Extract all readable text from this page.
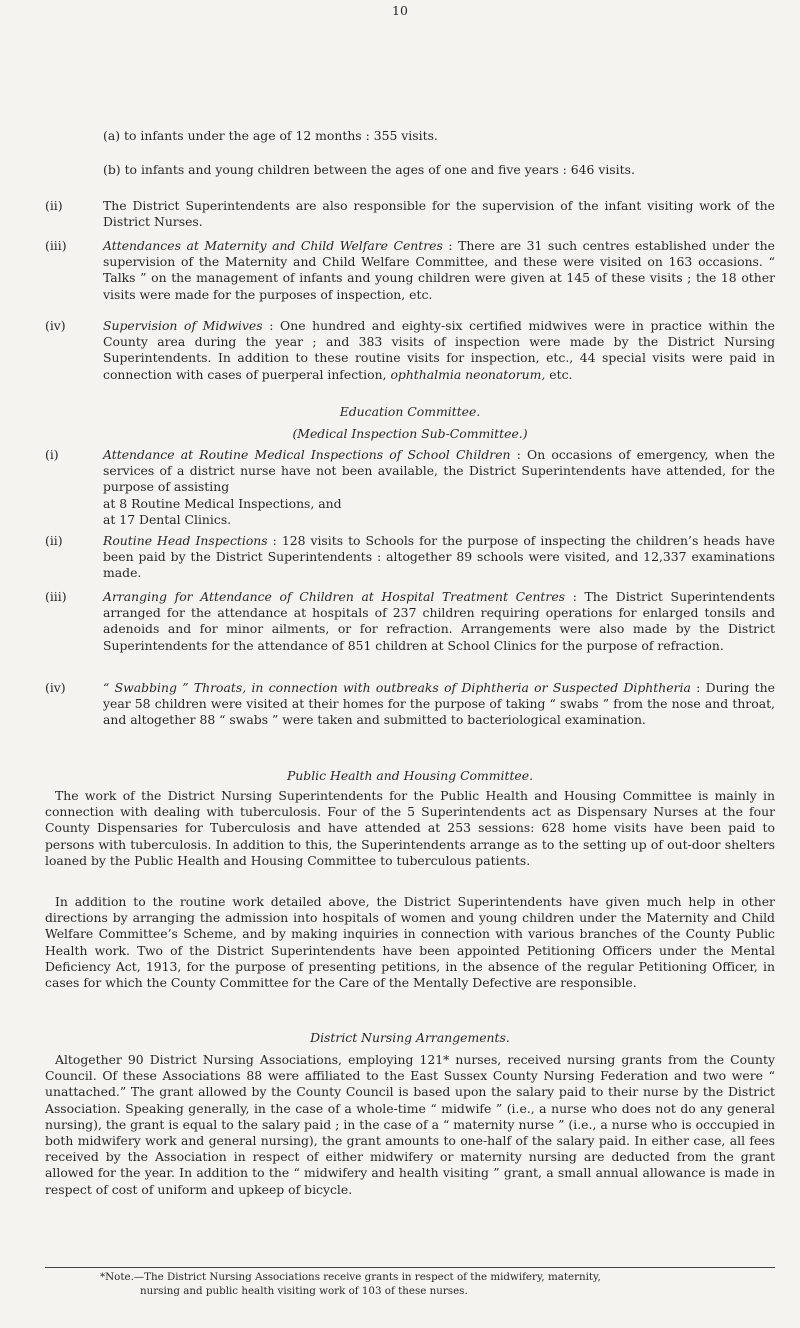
10
(a) to infants under the age of 12 months : 355 visits.
(b) to infants and young children between the ages of one and five years : 646 visits.
(ii)	The District Superintendents are also responsible for the supervision of the infant visiting work of the District Nurses.
(iii)	Attendances at Maternity and Child Welfare Centres : There are 31 such centres established under the supervision of the Maternity and Child Welfare Committee, and these were visited on 163 occasions. “ Talks ” on the management of infants and young children were given at 145 of these visits ; the 18 other visits were made for the purposes of inspection, etc.
(iv)	Supervision of Midwives : One hundred and eighty-six certified midwives were in practice within the County area during the year ; and 383 visits of inspection were made by the District Nursing Superintendents. In addition to these routine visits for inspection, etc., 44 special visits were paid in connection with cases of puerperal infection, ophthalmia neonatorum, etc.
Education Committee.
(Medical Inspection Sub-Committee.)
(i)	Attendance at Routine Medical Inspections of School Children : On occasions of emergency, when the services of a district nurse have not been available, the District Superintendents have attended, for the purpose of assisting
at 8 Routine Medical Inspections, and
at 17 Dental Clinics.
(ii)	Routine Head Inspections : 128 visits to Schools for the purpose of inspecting the children’s heads have been paid by the District Superintendents : altogether 89 schools were visited, and 12,337 examinations made.
(iii)	Arranging for Attendance of Children at Hospital Treatment Centres : The District Superintendents arranged for the attendance at hospitals of 237 children requiring operations for enlarged tonsils and adenoids and for minor ailments, or for refraction. Arrangements were also made by the District Superintendents for the attendance of 851 children at School Clinics for the purpose of refraction.
(iv)	“ Swabbing ” Throats, in connection with outbreaks of Diphtheria or Suspected Diphtheria : During the year 58 children were visited at their homes for the purpose of taking “ swabs ” from the nose and throat, and altogether 88 “ swabs ” were taken and submitted to bacteriological examination.
Public Health and Housing Committee.
The work of the District Nursing Superintendents for the Public Health and Housing Committee is mainly in connection with dealing with tuberculosis. Four of the 5 Superintendents act as Dispensary Nurses at the four County Dispensaries for Tuberculosis and have attended at 253 sessions: 628 home visits have been paid to persons with tuberculosis. In addition to this, the Superintendents arrange as to the setting up of out-door shelters loaned by the Public Health and Housing Committee to tuberculous patients.
In addition to the routine work detailed above, the District Superintendents have given much help in other directions by arranging the admission into hospitals of women and young children under the Maternity and Child Welfare Committee’s Scheme, and by making inquiries in connection with various branches of the County Public Health work. Two of the District Superintendents have been appointed Petitioning Officers under the Mental Deficiency Act, 1913, for the purpose of presenting petitions, in the absence of the regular Petitioning Officer, in cases for which the County Committee for the Care of the Mentally Defective are responsible.
District Nursing Arrangements.
Altogether 90 District Nursing Associations, employing 121* nurses, received nursing grants from the County Council. Of these Associations 88 were affiliated to the East Sussex County Nursing Federation and two were “ unattached.” The grant allowed by the County Council is based upon the salary paid to their nurse by the District Association. Speaking generally, in the case of a whole-time “ midwife ” (i.e., a nurse who does not do any general nursing), the grant is equal to the salary paid ; in the case of a “ maternity nurse ” (i.e., a nurse who is occcupied in both midwifery work and general nursing), the grant amounts to one-half of the salary paid. In either case, all fees received by the Association in respect of either midwifery or maternity nursing are deducted from the grant allowed for the year. In addition to the “ midwifery and health visiting ” grant, a small annual allowance is made in respect of cost of uniform and upkeep of bicycle.
*Note.—The District Nursing Associations receive grants in respect of the midwifery, maternity,
nursing and public health visiting work of 103 of these nurses.
